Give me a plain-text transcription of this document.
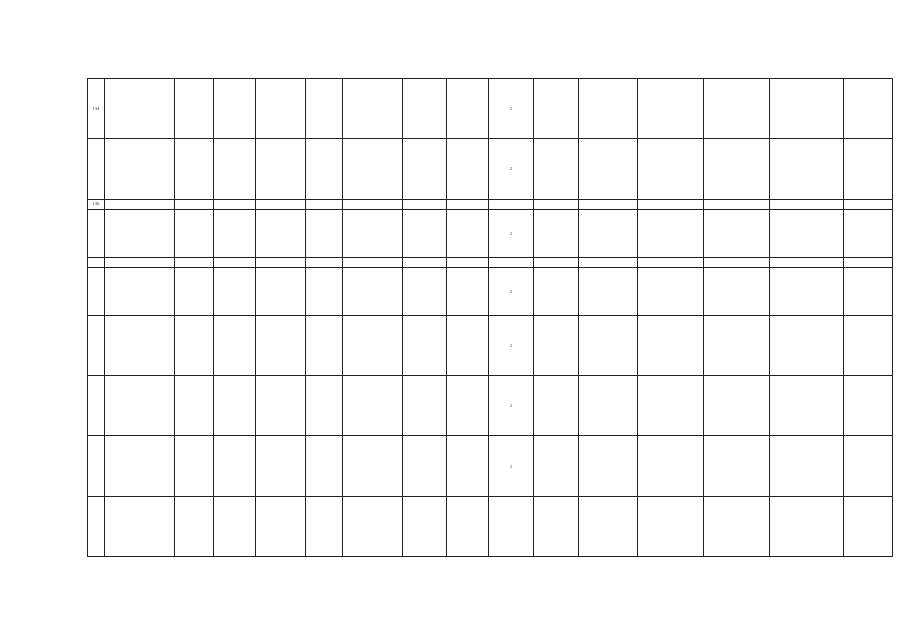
134									2						
									2						
136															
									2						

									2						
									2						
									2						
									2						
